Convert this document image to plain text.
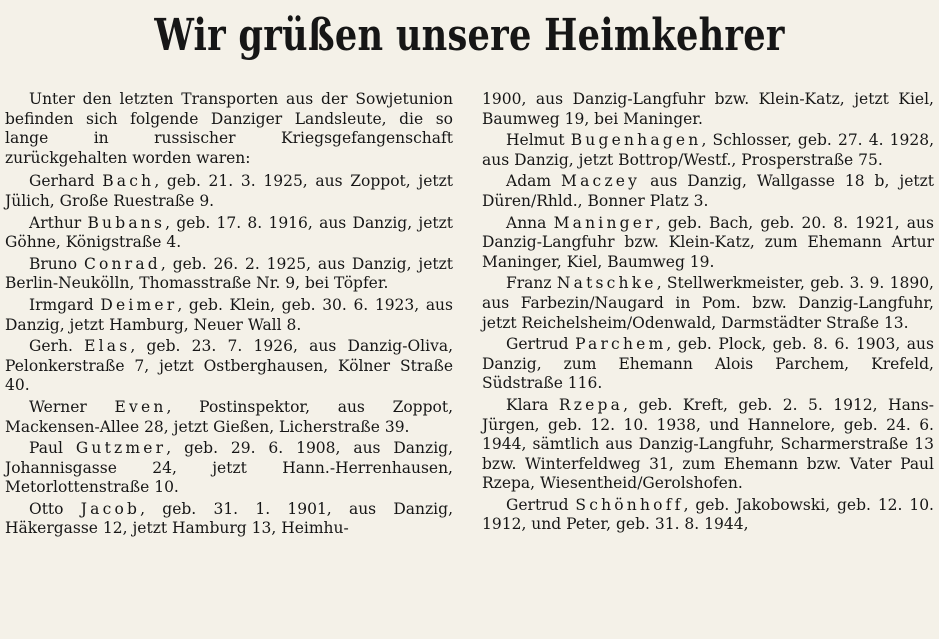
Wir grüßen unsere Heimkehrer

Unter den letzten Transporten aus der Sowjetunion befinden sich folgende Danziger Landsleute, die so lange in russischer Kriegsgefangenschaft zurückgehalten worden waren:

Gerhard Bach, geb. 21. 3. 1925, aus Zoppot, jetzt Jülich, Große Ruestraße 9.

Arthur Bubans, geb. 17. 8. 1916, aus Danzig, jetzt Göhne, Königstraße 4.

Bruno Conrad, geb. 26. 2. 1925, aus Danzig, jetzt Berlin-Neukölln, Thomasstraße Nr. 9, bei Töpfer.

Irmgard Deimer, geb. Klein, geb. 30. 6. 1923, aus Danzig, jetzt Hamburg, Neuer Wall 8.

Gerh. Elas, geb. 23. 7. 1926, aus Danzig-Oliva, Pelonkerstraße 7, jetzt Ostberghausen, Kölner Straße 40.

Werner Even, Postinspektor, aus Zoppot, Mackensen-Allee 28, jetzt Gießen, Licherstraße 39.

Paul Gutzmer, geb. 29. 6. 1908, aus Danzig, Johannisgasse 24, jetzt Hann.-Herrenhausen, Metorlottenstraße 10.

Otto Jacob, geb. 31. 1. 1901, aus Danzig, Häkergasse 12, jetzt Hamburg 13, Heimhu-

1900, aus Danzig-Langfuhr bzw. Klein-Katz, jetzt Kiel, Baumweg 19, bei Maninger.

Helmut Bugenhagen, Schlosser, geb. 27. 4. 1928, aus Danzig, jetzt Bottrop/Westf., Prosperstraße 75.

Adam Maczey aus Danzig, Wallgasse 18 b, jetzt Düren/Rhld., Bonner Platz 3.

Anna Maninger, geb. Bach, geb. 20. 8. 1921, aus Danzig-Langfuhr bzw. Klein-Katz, zum Ehemann Artur Maninger, Kiel, Baumweg 19.

Franz Natschke, Stellwerkmeister, geb. 3. 9. 1890, aus Farbezin/Naugard in Pom. bzw. Danzig-Langfuhr, jetzt Reichelsheim/Odenwald, Darmstädter Straße 13.

Gertrud Parchem, geb. Plock, geb. 8. 6. 1903, aus Danzig, zum Ehemann Alois Parchem, Krefeld, Südstraße 116.

Klara Rzepa, geb. Kreft, geb. 2. 5. 1912, Hans-Jürgen, geb. 12. 10. 1938, und Hannelore, geb. 24. 6. 1944, sämtlich aus Danzig-Langfuhr, Scharmerstraße 13 bzw. Winterfeldweg 31, zum Ehemann bzw. Vater Paul Rzepa, Wiesentheid/Gerolshofen.

Gertrud Schönhoff, geb. Jakobowski, geb. 12. 10. 1912, und Peter, geb. 31. 8. 1944,
